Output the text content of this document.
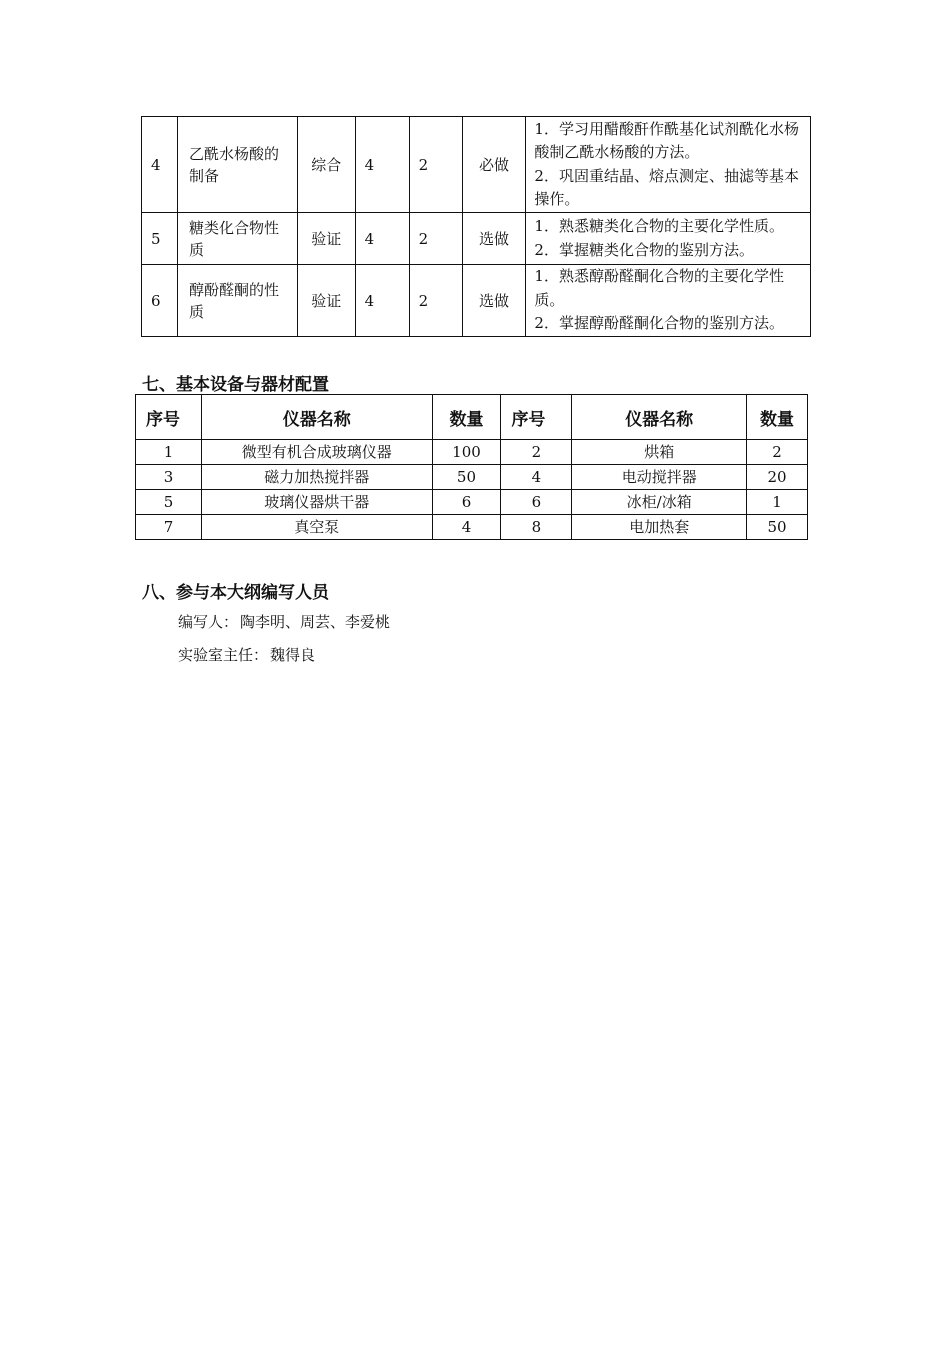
4	乙酰水杨酸的制备	综合	4	2	必做	1．学习用醋酸酐作酰基化试剂酰化水杨酸制乙酰水杨酸的方法。
2．巩固重结晶、熔点测定、抽滤等基本操作。

5	糖类化合物性质	验证	4	2	选做	1．熟悉糖类化合物的主要化学性质。
2．掌握糖类化合物的鉴别方法。

6	醇酚醛酮的性质	验证	4	2	选做	1．熟悉醇酚醛酮化合物的主要化学性质。
2．掌握醇酚醛酮化合物的鉴别方法。
七、基本设备与器材配置
序号	仪器名称	数量	序号	仪器名称	数量
1	微型有机合成玻璃仪器	100	2	烘箱	2
3	磁力加热搅拌器	50	4	电动搅拌器	20
5	玻璃仪器烘干器	6	6	冰柜/冰箱	1
7	真空泵	4	8	电加热套	50
八、参与本大纲编写人员

编写人： 陶李明、周芸、李爱桃

实验室主任： 魏得良
